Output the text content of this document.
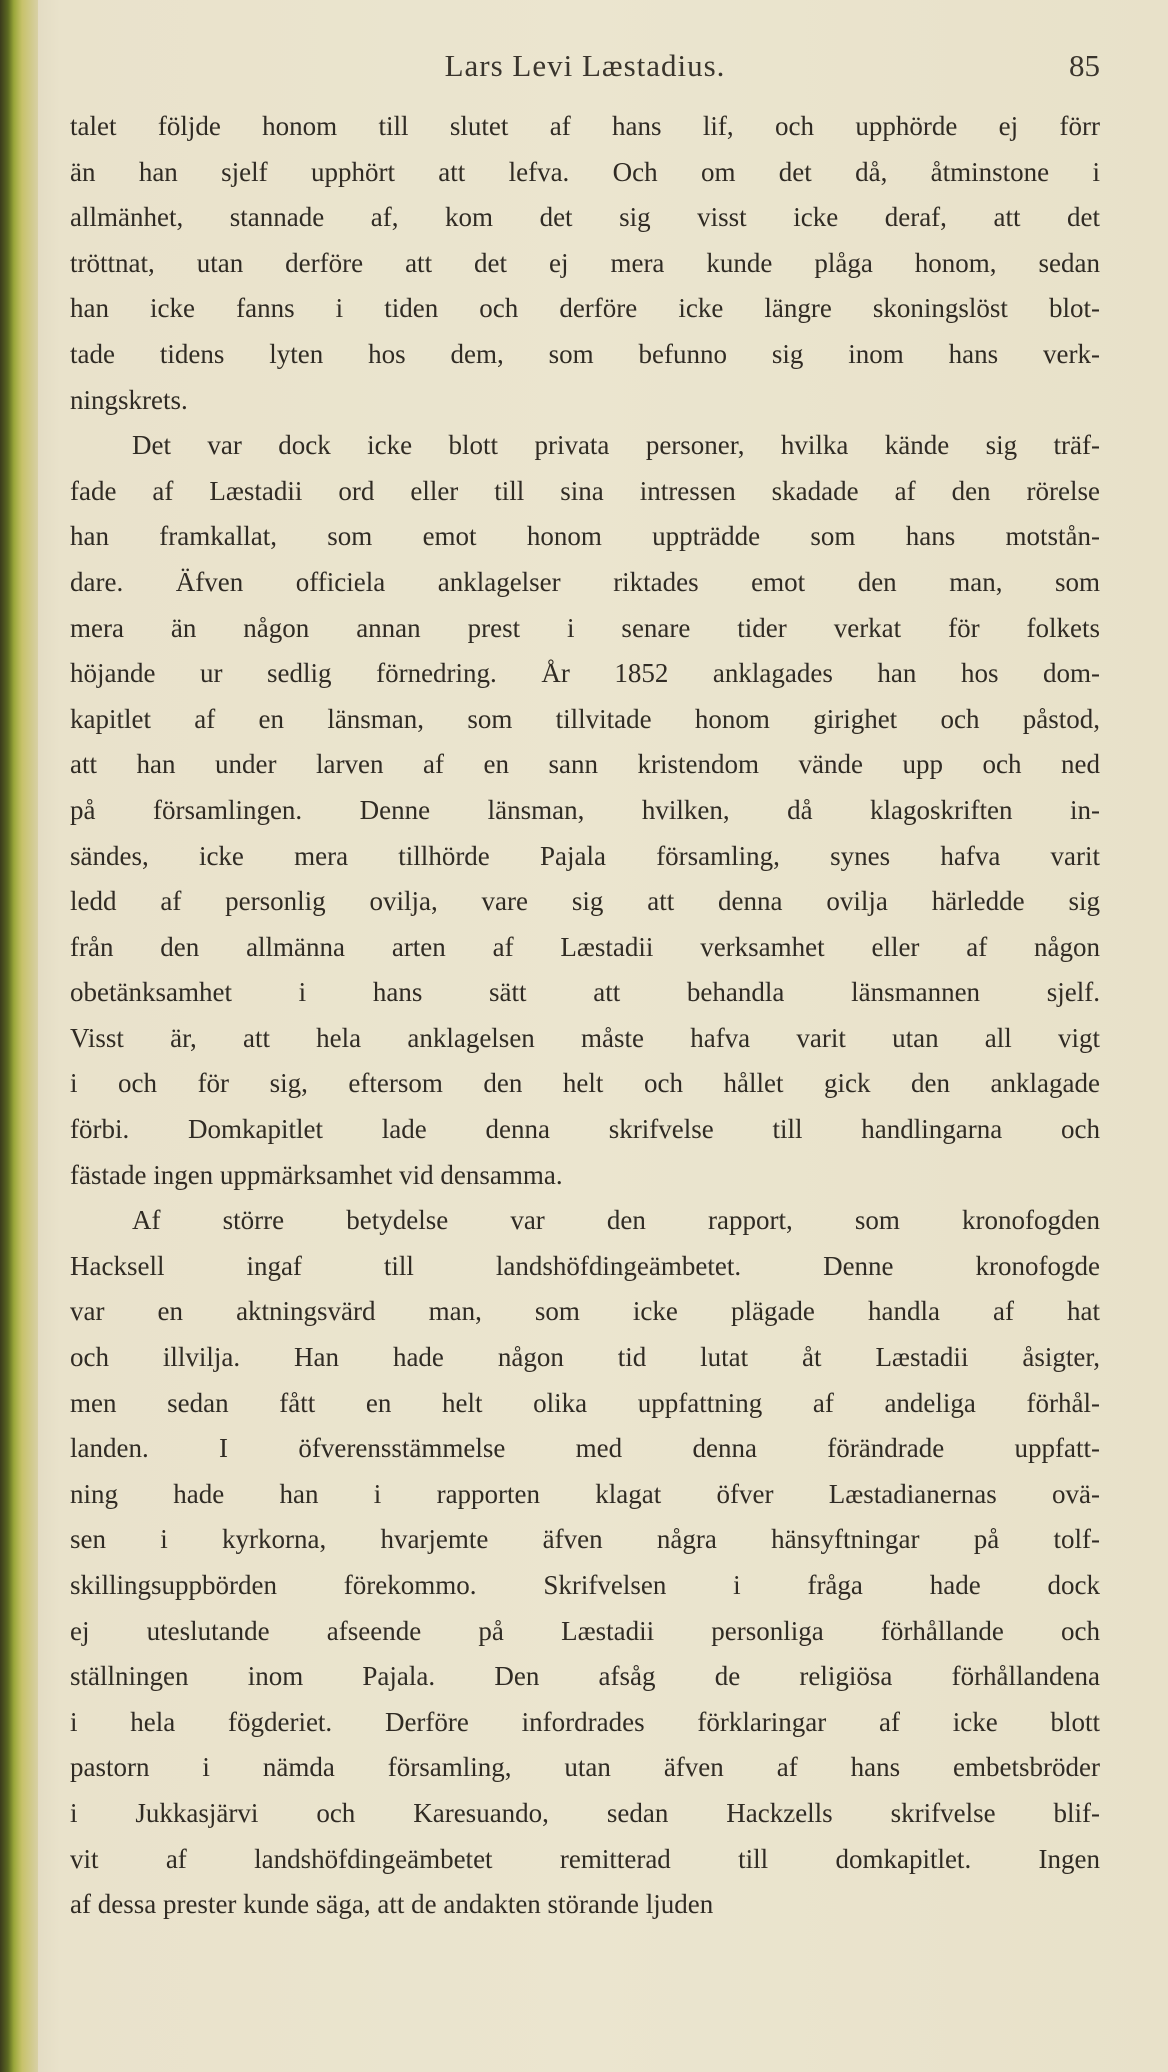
Lars Levi Læstadius.	85
talet följde honom till slutet af hans lif, och upphörde ej förr
än han sjelf upphört att lefva. Och om det då, åtminstone i
allmänhet, stannade af, kom det sig visst icke deraf, att det
tröttnat, utan derföre att det ej mera kunde plåga honom, sedan
han icke fanns i tiden och derföre icke längre skoningslöst blot-
tade tidens lyten hos dem, som befunno sig inom hans verk-
ningskrets.
Det var dock icke blott privata personer, hvilka kände sig träf-
fade af Læstadii ord eller till sina intressen skadade af den rörelse
han framkallat, som emot honom uppträdde som hans motstån-
dare. Äfven officiela anklagelser riktades emot den man, som
mera än någon annan prest i senare tider verkat för folkets
höjande ur sedlig förnedring. År 1852 anklagades han hos dom-
kapitlet af en länsman, som tillvitade honom girighet och påstod,
att han under larven af en sann kristendom vände upp och ned
på församlingen. Denne länsman, hvilken, då klagoskriften in-
sändes, icke mera tillhörde Pajala församling, synes hafva varit
ledd af personlig ovilja, vare sig att denna ovilja härledde sig
från den allmänna arten af Læstadii verksamhet eller af någon
obetänksamhet i hans sätt att behandla länsmannen sjelf.
Visst är, att hela anklagelsen måste hafva varit utan all vigt
i och för sig, eftersom den helt och hållet gick den anklagade
förbi. Domkapitlet lade denna skrifvelse till handlingarna och
fästade ingen uppmärksamhet vid densamma.
Af större betydelse var den rapport, som kronofogden
Hacksell ingaf till landshöfdingeämbetet. Denne kronofogde
var en aktningsvärd man, som icke plägade handla af hat
och illvilja. Han hade någon tid lutat åt Læstadii åsigter,
men sedan fått en helt olika uppfattning af andeliga förhål-
landen. I öfverensstämmelse med denna förändrade uppfatt-
ning hade han i rapporten klagat öfver Læstadianernas ovä-
sen i kyrkorna, hvarjemte äfven några hänsyftningar på tolf-
skillingsuppbörden förekommo. Skrifvelsen i fråga hade dock
ej uteslutande afseende på Læstadii personliga förhållande och
ställningen inom Pajala. Den afsåg de religiösa förhållandena
i hela fögderiet. Derföre infordrades förklaringar af icke blott
pastorn i nämda församling, utan äfven af hans embetsbröder
i Jukkasjärvi och Karesuando, sedan Hackzells skrifvelse blif-
vit af landshöfdingeämbetet remitterad till domkapitlet. Ingen
af dessa prester kunde säga, att de andakten störande ljuden
